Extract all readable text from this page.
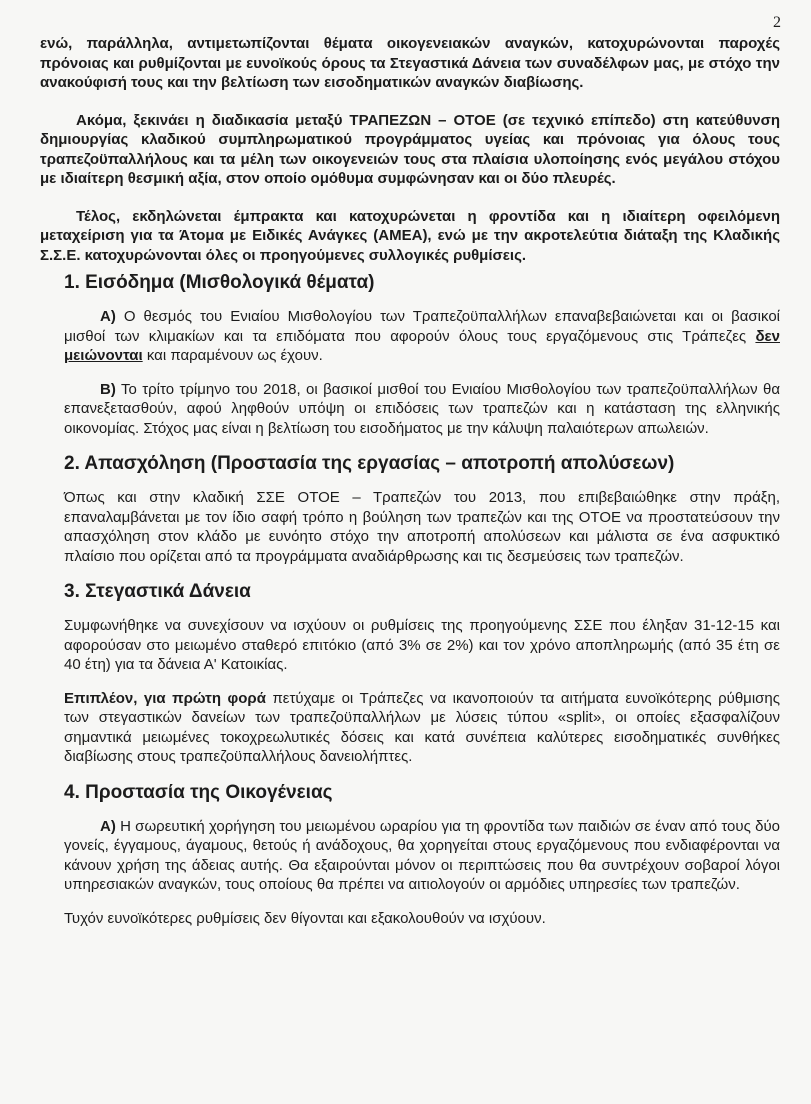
2

ενώ, παράλληλα, αντιμετωπίζονται θέματα οικογενειακών αναγκών, κατοχυρώνονται παροχές πρόνοιας και ρυθμίζονται με ευνοϊκούς όρους τα Στεγαστικά Δάνεια των συναδέλφων μας, με στόχο την ανακούφισή τους και την βελτίωση των εισοδηματικών αναγκών διαβίωσης.

Ακόμα, ξεκινάει η διαδικασία μεταξύ ΤΡΑΠΕΖΩΝ – ΟΤΟΕ (σε τεχνικό επίπεδο) στη κατεύθυνση δημιουργίας κλαδικού συμπληρωματικού προγράμματος υγείας και πρόνοιας για όλους τους τραπεζοϋπαλλήλους και τα μέλη των οικογενειών τους στα πλαίσια υλοποίησης ενός μεγάλου στόχου με ιδιαίτερη θεσμική αξία, στον οποίο ομόθυμα συμφώνησαν και οι δύο πλευρές.

Τέλος, εκδηλώνεται έμπρακτα και κατοχυρώνεται η φροντίδα και η ιδιαίτερη οφειλόμενη μεταχείριση για τα Άτομα με Ειδικές Ανάγκες (ΑΜΕΑ), ενώ με την ακροτελεύτια διάταξη της Κλαδικής Σ.Σ.Ε. κατοχυρώνονται όλες οι προηγούμενες συλλογικές ρυθμίσεις.

1. Εισόδημα (Μισθολογικά θέματα)

Α) Ο θεσμός του Ενιαίου Μισθολογίου των Τραπεζοϋπαλλήλων επαναβεβαιώνεται και οι βασικοί μισθοί των κλιμακίων και τα επιδόματα που αφορούν όλους τους εργαζόμενους στις Τράπεζες δεν μειώνονται και παραμένουν ως έχουν.

Β) Το τρίτο τρίμηνο του 2018, οι βασικοί μισθοί του Ενιαίου Μισθολογίου των τραπεζοϋπαλλήλων θα επανεξετασθούν, αφού ληφθούν υπόψη οι επιδόσεις των τραπεζών και η κατάσταση της ελληνικής οικονομίας. Στόχος μας είναι η βελτίωση του εισοδήματος με την κάλυψη παλαιότερων απωλειών.

2. Απασχόληση (Προστασία της εργασίας – αποτροπή απολύσεων)

Όπως και στην κλαδική ΣΣΕ ΟΤΟΕ – Τραπεζών του 2013, που επιβεβαιώθηκε στην πράξη, επαναλαμβάνεται με τον ίδιο σαφή τρόπο η βούληση των τραπεζών και της ΟΤΟΕ να προστατεύσουν την απασχόληση στον κλάδο με ευνόητο στόχο την αποτροπή απολύσεων και μάλιστα σε ένα ασφυκτικό πλαίσιο που ορίζεται από τα προγράμματα αναδιάρθρωσης και τις δεσμεύσεις των τραπεζών.

3. Στεγαστικά Δάνεια

Συμφωνήθηκε να συνεχίσουν να ισχύουν οι ρυθμίσεις της προηγούμενης ΣΣΕ που έληξαν 31-12-15 και αφορούσαν στο μειωμένο σταθερό επιτόκιο (από 3% σε 2%) και τον χρόνο αποπληρωμής (από 35 έτη σε 40 έτη) για τα δάνεια Α' Κατοικίας.

Επιπλέον, για πρώτη φορά πετύχαμε οι Τράπεζες να ικανοποιούν τα αιτήματα ευνοϊκότερης ρύθμισης των στεγαστικών δανείων των τραπεζοϋπαλλήλων με λύσεις τύπου «split», οι οποίες εξασφαλίζουν σημαντικά μειωμένες τοκοχρεωλυτικές δόσεις και κατά συνέπεια καλύτερες εισοδηματικές συνθήκες διαβίωσης στους τραπεζοϋπαλλήλους δανειολήπτες.

4. Προστασία της Οικογένειας

Α) Η σωρευτική χορήγηση του μειωμένου ωραρίου για τη φροντίδα των παιδιών σε έναν από τους δύο γονείς, έγγαμους, άγαμους, θετούς ή ανάδοχους, θα χορηγείται στους εργαζόμενους που ενδιαφέρονται να κάνουν χρήση της άδειας αυτής. Θα εξαιρούνται μόνον οι περιπτώσεις που θα συντρέχουν σοβαροί λόγοι υπηρεσιακών αναγκών, τους οποίους θα πρέπει να αιτιολογούν οι αρμόδιες υπηρεσίες των τραπεζών.

Τυχόν ευνοϊκότερες ρυθμίσεις δεν θίγονται και εξακολουθούν να ισχύουν.
